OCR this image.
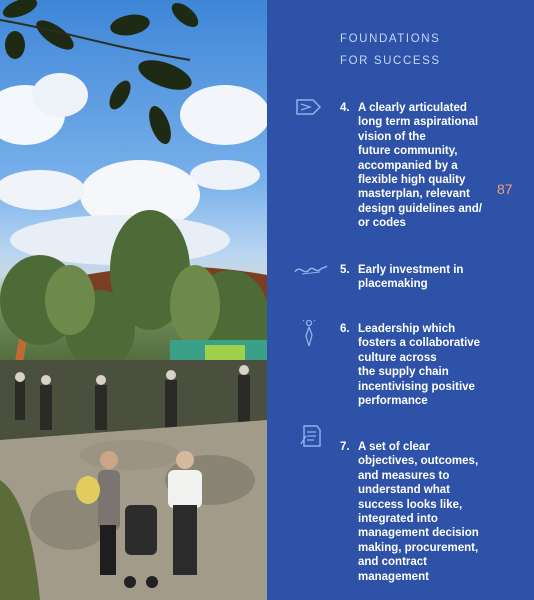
FOUNDATIONS
FOR SUCCESS
87
4. A clearly articulated
long term aspirational
vision of the
future community,
accompanied by a
flexible high quality
masterplan, relevant
design guidelines and/
or codes
5. Early investment in
placemaking
6. Leadership which
fosters a collaborative
culture across
the supply chain
incentivising positive
performance
7. A set of clear
objectives, outcomes,
and measures to
understand what
success looks like,
integrated into
management decision
making, procurement,
and contract
management
